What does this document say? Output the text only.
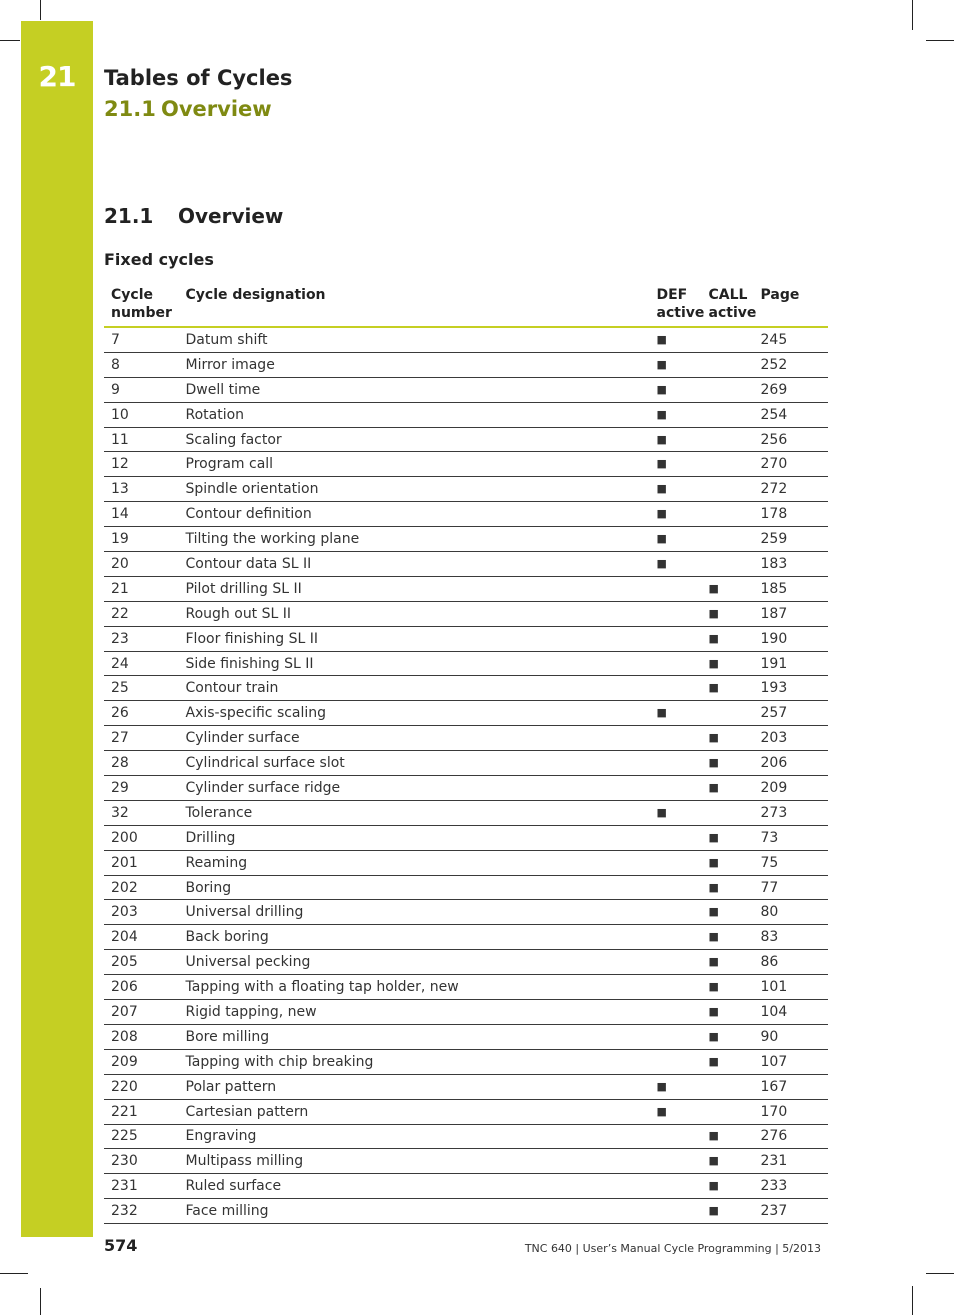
21	Tables of Cycles
21.1 Overview
21.1 Overview
Fixed cycles
Cycle number	Cycle designation	DEF active	CALL active	Page
7	Datum shift	■		245
8	Mirror image	■		252
9	Dwell time	■		269
10	Rotation	■		254
11	Scaling factor	■		256
12	Program call	■		270
13	Spindle orientation	■		272
14	Contour definition	■		178
19	Tilting the working plane	■		259
20	Contour data SL II	■		183
21	Pilot drilling SL II		■	185
22	Rough out SL II		■	187
23	Floor finishing SL II		■	190
24	Side finishing SL II		■	191
25	Contour train		■	193
26	Axis-specific scaling	■		257
27	Cylinder surface		■	203
28	Cylindrical surface slot		■	206
29	Cylinder surface ridge		■	209
32	Tolerance	■		273
200	Drilling		■	73
201	Reaming		■	75
202	Boring		■	77
203	Universal drilling		■	80
204	Back boring		■	83
205	Universal pecking		■	86
206	Tapping with a floating tap holder, new		■	101
207	Rigid tapping, new		■	104
208	Bore milling		■	90
209	Tapping with chip breaking		■	107
220	Polar pattern	■		167
221	Cartesian pattern	■		170
225	Engraving		■	276
230	Multipass milling		■	231
231	Ruled surface		■	233
232	Face milling		■	237
574	TNC 640 | User’s Manual Cycle Programming | 5/2013
